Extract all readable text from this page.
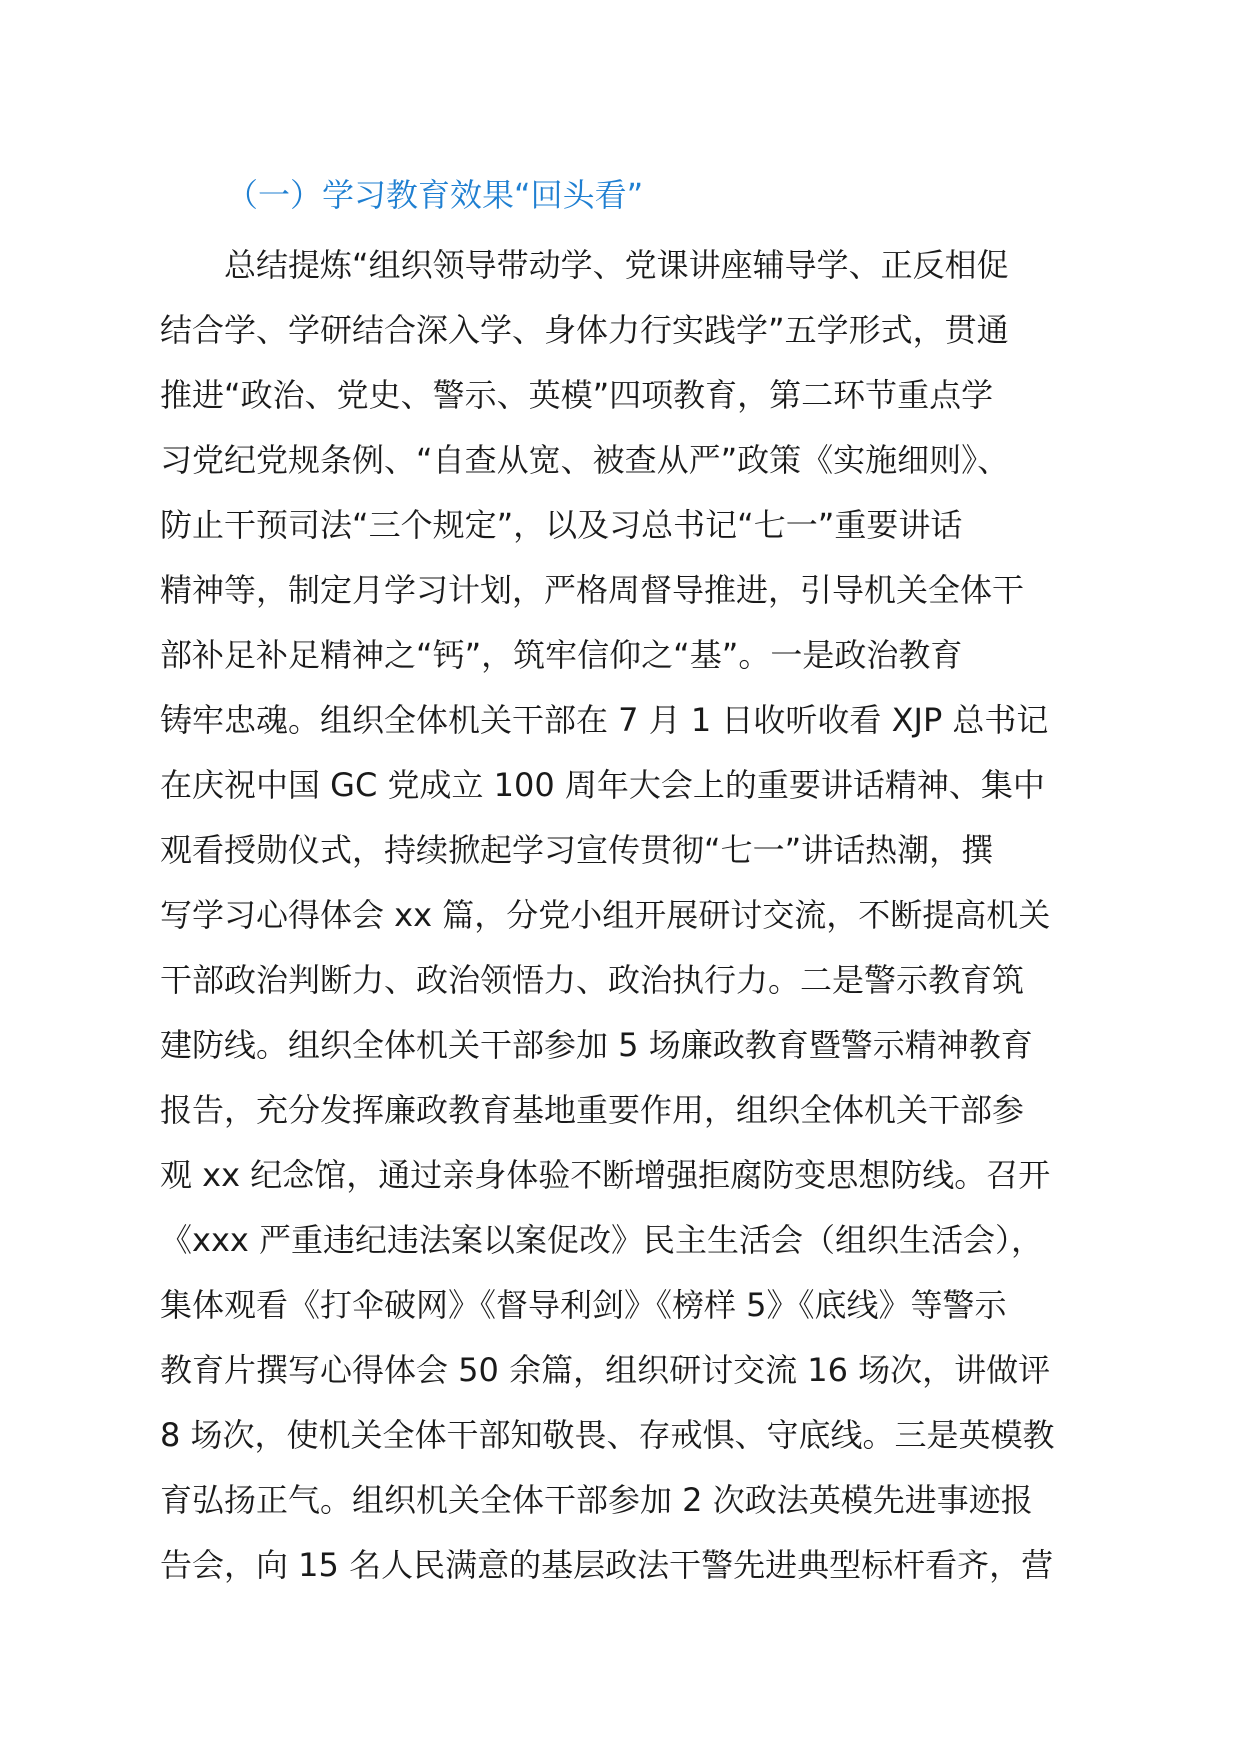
（一）学习教育效果“回头看”
总结提炼“组织领导带动学、党课讲座辅导学、正反相促
结合学、学研结合深入学、身体力行实践学”五学形式，贯通
推进“政治、党史、警示、英模”四项教育，第二环节重点学
习党纪党规条例、“自查从宽、被查从严”政策《实施细则》、
防止干预司法“三个规定”，以及习总书记“七一”重要讲话
精神等，制定月学习计划，严格周督导推进，引导机关全体干
部补足补足精神之“钙”，筑牢信仰之“基”。一是政治教育
铸牢忠魂。组织全体机关干部在 7 月 1 日收听收看 XJP 总书记
在庆祝中国 GC 党成立 100 周年大会上的重要讲话精神、集中
观看授勋仪式，持续掀起学习宣传贯彻“七一”讲话热潮，撰
写学习心得体会 xx 篇，分党小组开展研讨交流，不断提高机关
干部政治判断力、政治领悟力、政治执行力。二是警示教育筑
建防线。组织全体机关干部参加 5 场廉政教育暨警示精神教育
报告，充分发挥廉政教育基地重要作用，组织全体机关干部参
观 xx 纪念馆，通过亲身体验不断增强拒腐防变思想防线。召开
《xxx 严重违纪违法案以案促改》民主生活会（组织生活会），
集体观看《打伞破网》《督导利剑》《榜样 5》《底线》等警示
教育片撰写心得体会 50 余篇，组织研讨交流 16 场次，讲做评
8 场次，使机关全体干部知敬畏、存戒惧、守底线。三是英模教
育弘扬正气。组织机关全体干部参加 2 次政法英模先进事迹报
告会，向 15 名人民满意的基层政法干警先进典型标杆看齐，营
